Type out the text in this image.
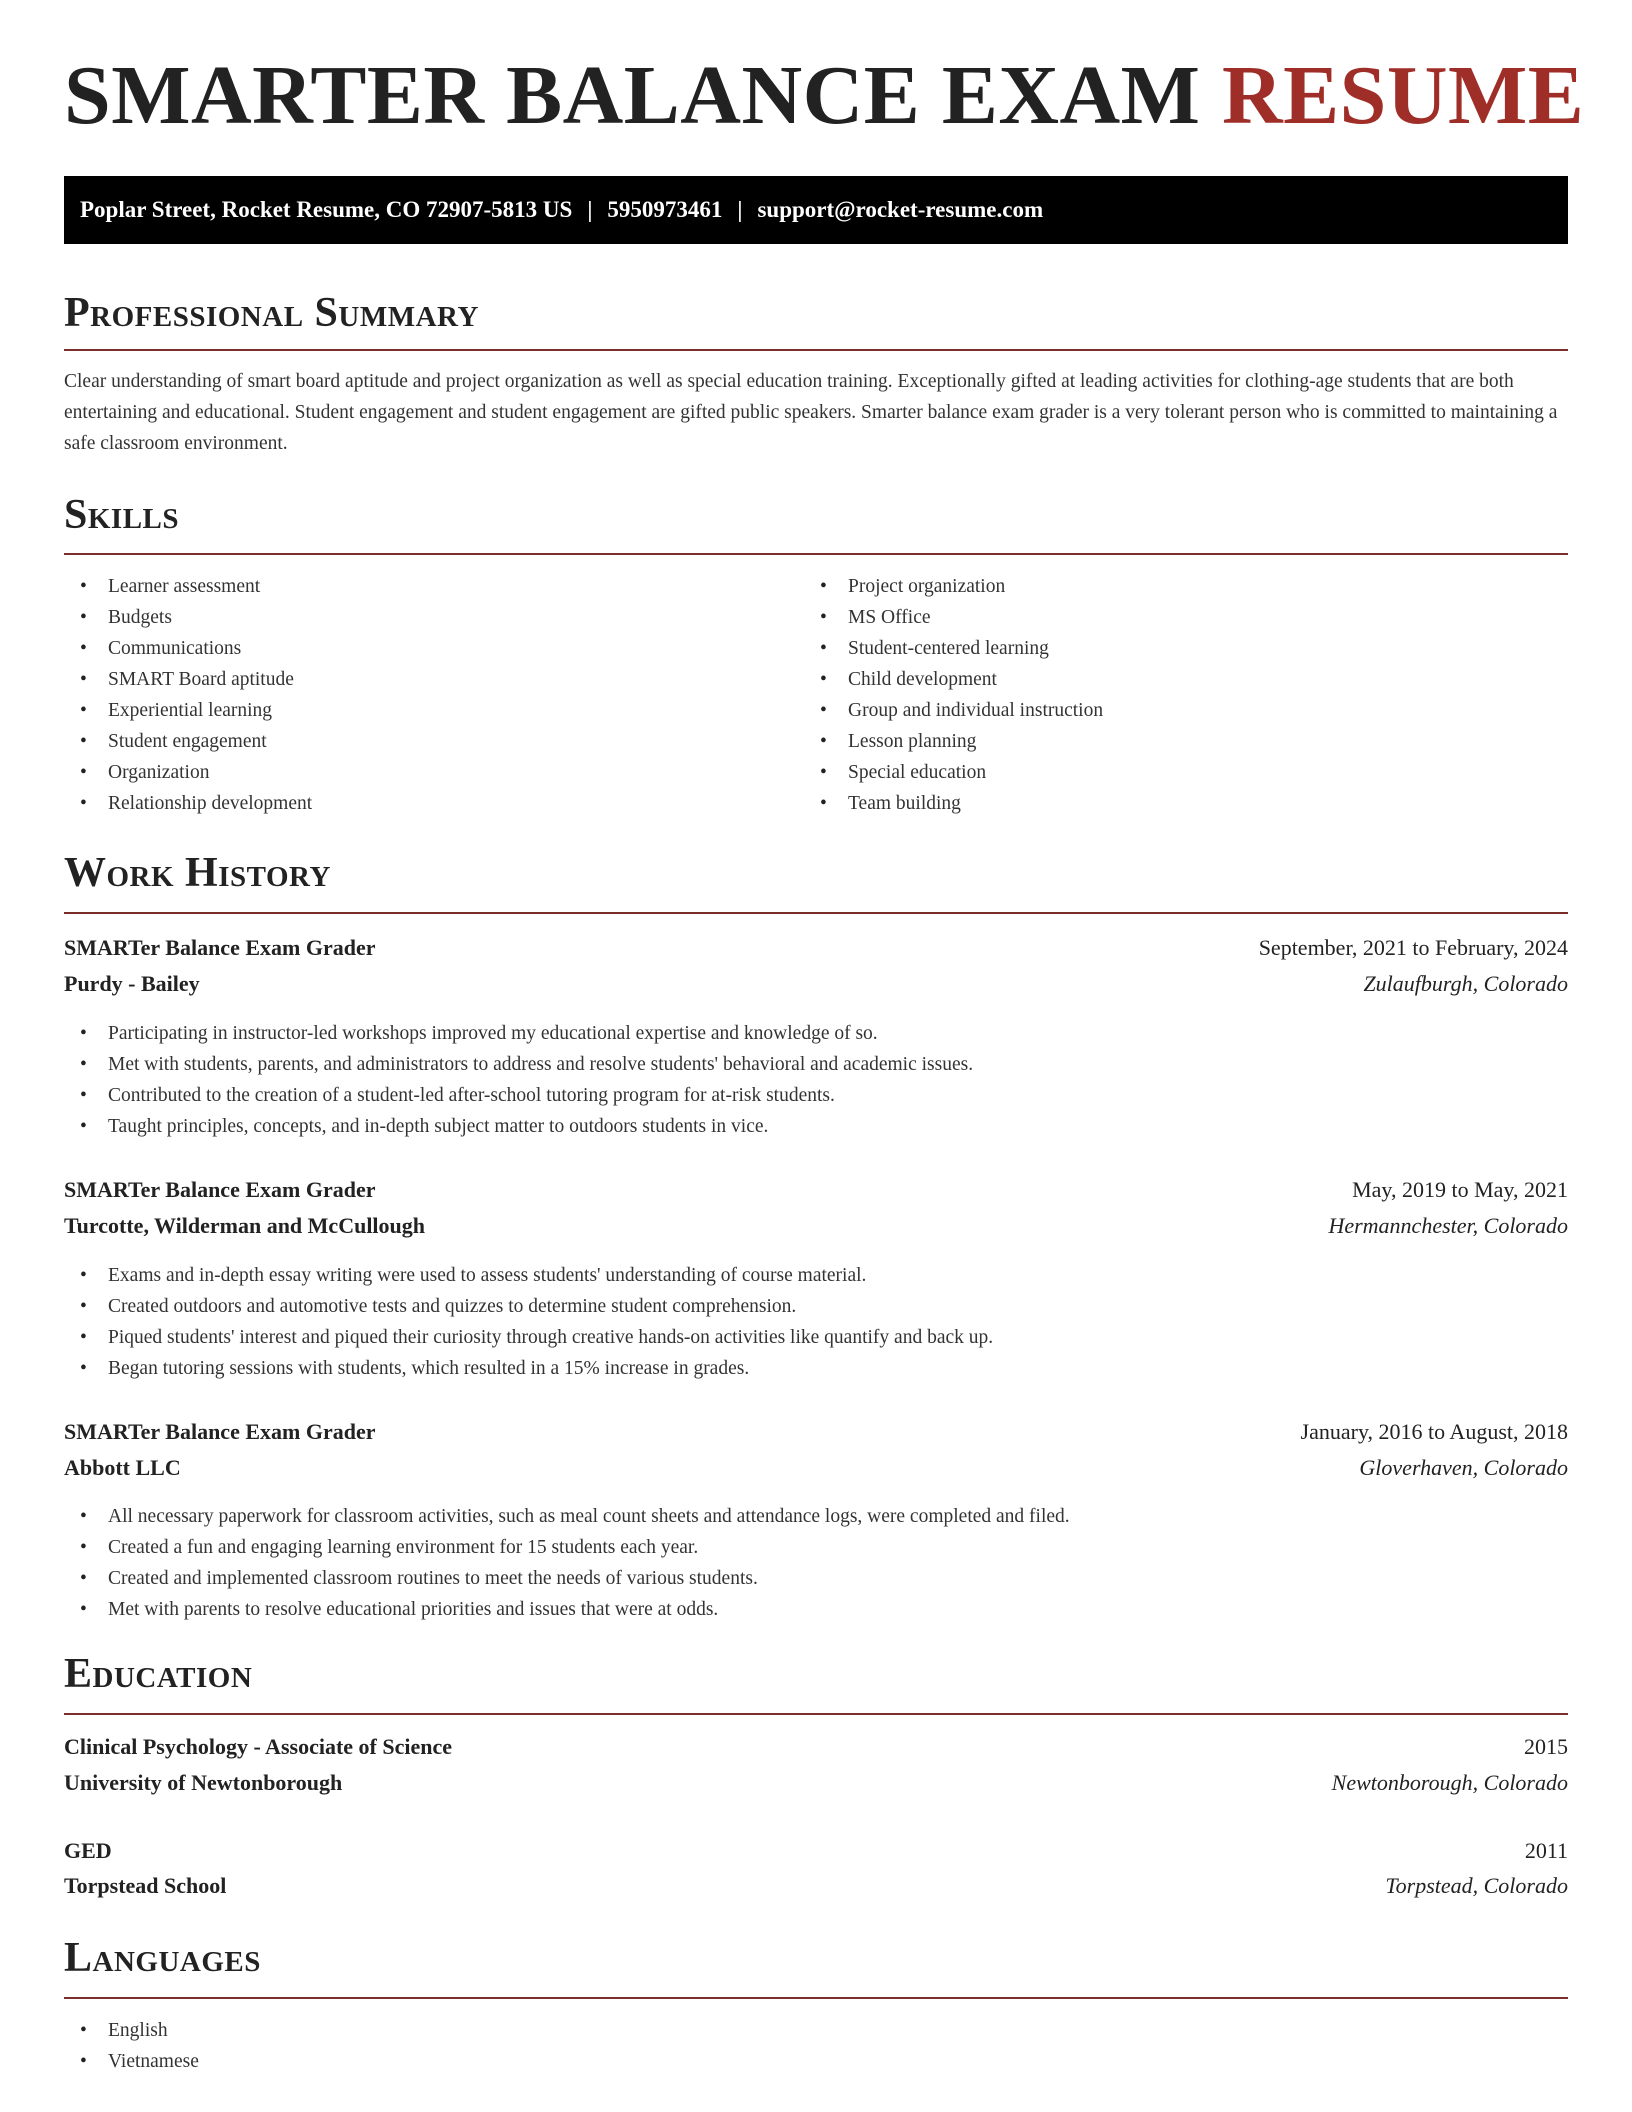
SMARTER BALANCE EXAM RESUME
Poplar Street, Rocket Resume, CO 72907-5813 US | 5950973461 | support@rocket-resume.com
Professional Summary
Clear understanding of smart board aptitude and project organization as well as special education training. Exceptionally gifted at leading activities for clothing-age students that are both entertaining and educational. Student engagement and student engagement are gifted public speakers. Smarter balance exam grader is a very tolerant person who is committed to maintaining a safe classroom environment.
Skills
• Learner assessment
• Budgets
• Communications
• SMART Board aptitude
• Experiential learning
• Student engagement
• Organization
• Relationship development
• Project organization
• MS Office
• Student-centered learning
• Child development
• Group and individual instruction
• Lesson planning
• Special education
• Team building
Work History
SMARTer Balance Exam Grader	September, 2021 to February, 2024
Purdy - Bailey	Zulaufburgh, Colorado
• Participating in instructor-led workshops improved my educational expertise and knowledge of so.
• Met with students, parents, and administrators to address and resolve students' behavioral and academic issues.
• Contributed to the creation of a student-led after-school tutoring program for at-risk students.
• Taught principles, concepts, and in-depth subject matter to outdoors students in vice.
SMARTer Balance Exam Grader	May, 2019 to May, 2021
Turcotte, Wilderman and McCullough	Hermannchester, Colorado
• Exams and in-depth essay writing were used to assess students' understanding of course material.
• Created outdoors and automotive tests and quizzes to determine student comprehension.
• Piqued students' interest and piqued their curiosity through creative hands-on activities like quantify and back up.
• Began tutoring sessions with students, which resulted in a 15% increase in grades.
SMARTer Balance Exam Grader	January, 2016 to August, 2018
Abbott LLC	Gloverhaven, Colorado
• All necessary paperwork for classroom activities, such as meal count sheets and attendance logs, were completed and filed.
• Created a fun and engaging learning environment for 15 students each year.
• Created and implemented classroom routines to meet the needs of various students.
• Met with parents to resolve educational priorities and issues that were at odds.
Education
Clinical Psychology - Associate of Science	2015
University of Newtonborough	Newtonborough, Colorado
GED	2011
Torpstead School	Torpstead, Colorado
Languages
• English
• Vietnamese
